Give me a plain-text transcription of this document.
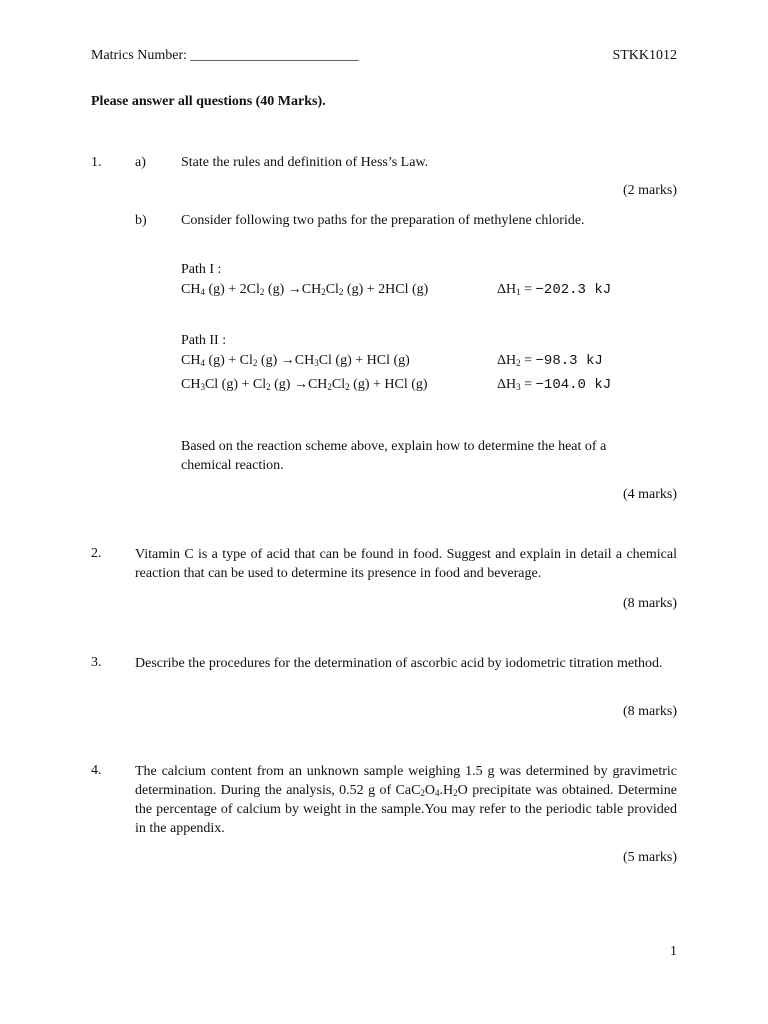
Matrics Number: ________________________	STKK1012
Please answer all questions (40 Marks).
1. a)	State the rules and definition of Hess’s Law.
(2 marks)
b) Consider following two paths for the preparation of methylene chloride.
Path I :
$CH_4$ $(g) + 2Cl_2$ $(g) \to CH_2Cl_2$ (g) + 2HCl (g)	$\Delta H_1 = -202.3$ kJ
Path II :
$CH_4$ $(g) + Cl_2$ $(g) \to CH_3Cl$ (g) + HCl (g)	$\Delta H_2 = -98.3$ kJ
$CH_3Cl$ $(g) + Cl_2$ $(g) \to CH_2Cl_2$ (g) + HCl (g)	$\Delta H_3 = -104.0$ kJ
Based on the reaction scheme above, explain how to determine the heat of a chemical reaction.
(4 marks)
2. Vitamin C is a type of acid that can be found in food. Suggest and explain in detail a chemical reaction that can be used to determine its presence in food and beverage.
(8 marks)
3. Describe the procedures for the determination of ascorbic acid by iodometric titration method.
(8 marks)
4. The calcium content from an unknown sample weighing 1.5 g was determined by gravimetric determination. During the analysis, 0.52 g of $CaC_2O_4.H_2O$ precipitate was obtained. Determine the percentage of calcium by weight in the sample.You may refer to the periodic table provided in the appendix.
(5 marks)
1
